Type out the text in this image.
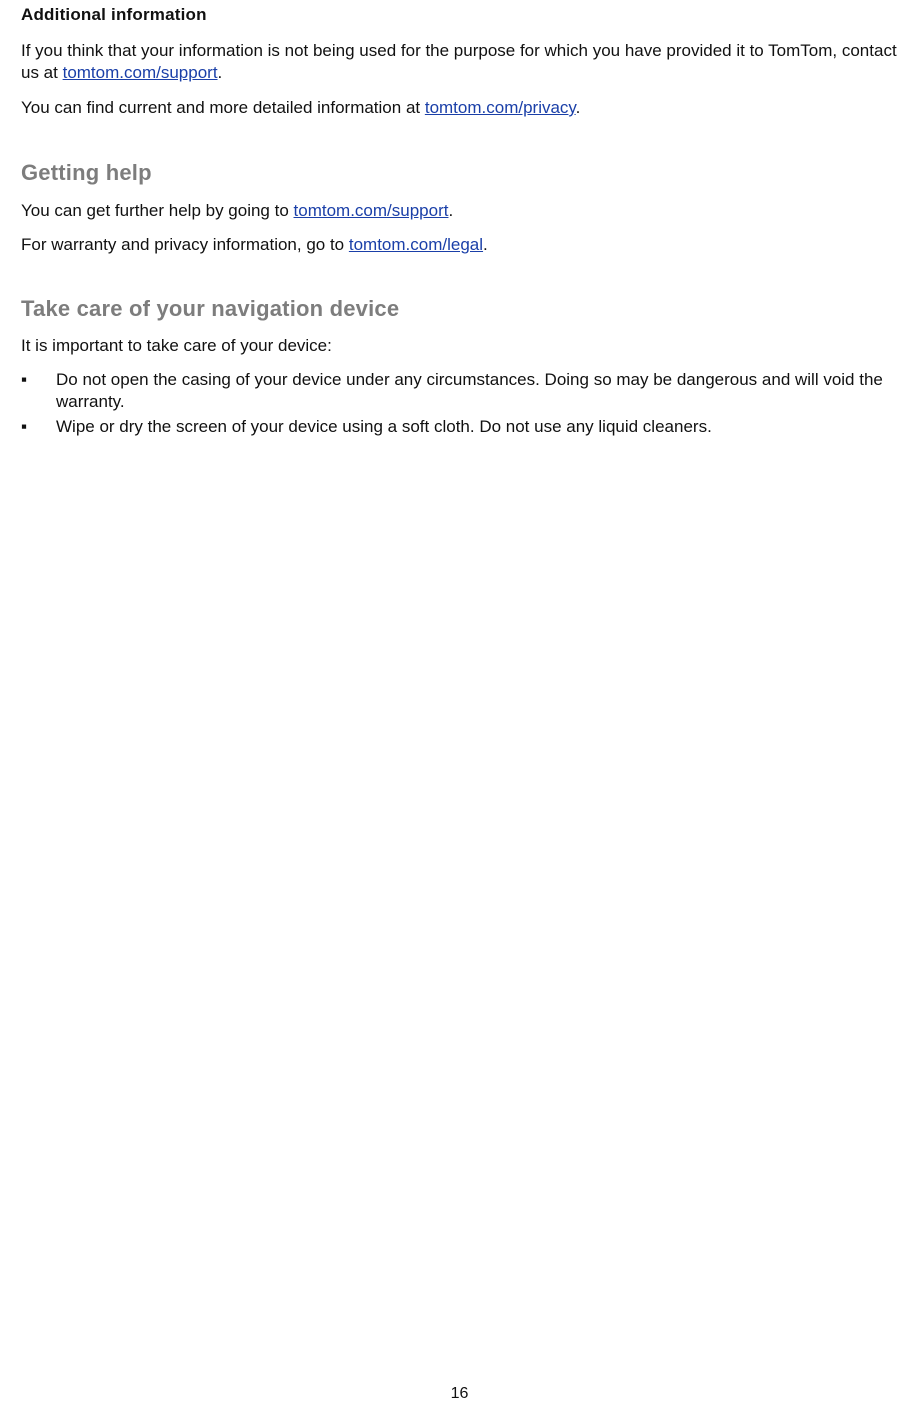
Additional information

If you think that your information is not being used for the purpose for which you have provided it to TomTom, contact us at tomtom.com/support.

You can find current and more detailed information at tomtom.com/privacy.

Getting help

You can get further help by going to tomtom.com/support.

For warranty and privacy information, go to tomtom.com/legal.

Take care of your navigation device

It is important to take care of your device:

▪	Do not open the casing of your device under any circumstances. Doing so may be dangerous and will void the warranty.
▪	Wipe or dry the screen of your device using a soft cloth. Do not use any liquid cleaners.
16
